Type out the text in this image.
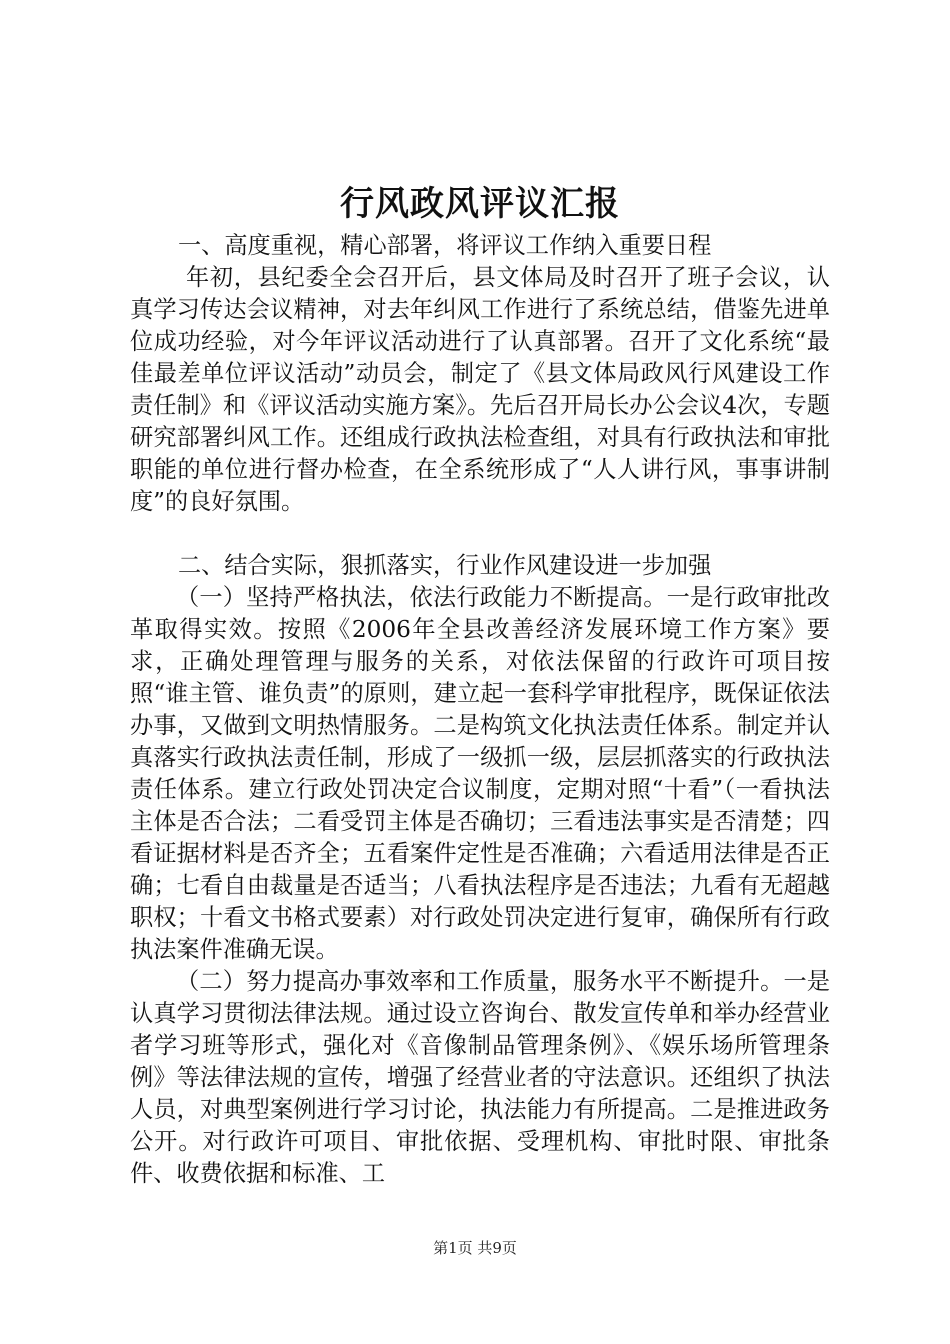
行风政风评议汇报

一、高度重视，精心部署，将评议工作纳入重要日程

年初，县纪委全会召开后，县文体局及时召开了班子会议，认真学习传达会议精神，对去年纠风工作进行了系统总结，借鉴先进单位成功经验，对今年评议活动进行了认真部署。召开了文化系统“最佳最差单位评议活动”动员会，制定了《县文体局政风行风建设工作责任制》和《评议活动实施方案》。先后召开局长办公会议4次，专题研究部署纠风工作。还组成行政执法检查组，对具有行政执法和审批职能的单位进行督办检查，在全系统形成了“人人讲行风，事事讲制度”的良好氛围。

二、结合实际，狠抓落实，行业作风建设进一步加强

（一）坚持严格执法，依法行政能力不断提高。一是行政审批改革取得实效。按照《2006年全县改善经济发展环境工作方案》要求，正确处理管理与服务的关系，对依法保留的行政许可项目按照“谁主管、谁负责”的原则，建立起一套科学审批程序，既保证依法办事，又做到文明热情服务。二是构筑文化执法责任体系。制定并认真落实行政执法责任制，形成了一级抓一级，层层抓落实的行政执法责任体系。建立行政处罚决定合议制度，定期对照“十看”（一看执法主体是否合法；二看受罚主体是否确切；三看违法事实是否清楚；四看证据材料是否齐全；五看案件定性是否准确；六看适用法律是否正确；七看自由裁量是否适当；八看执法程序是否违法；九看有无超越职权；十看文书格式要素）对行政处罚决定进行复审，确保所有行政执法案件准确无误。

（二）努力提高办事效率和工作质量，服务水平不断提升。一是认真学习贯彻法律法规。通过设立咨询台、散发宣传单和举办经营业者学习班等形式，强化对《音像制品管理条例》、《娱乐场所管理条例》等法律法规的宣传，增强了经营业者的守法意识。还组织了执法人员，对典型案例进行学习讨论，执法能力有所提高。二是推进政务公开。对行政许可项目、审批依据、受理机构、审批时限、审批条件、收费依据和标准、工

第1页 共9页
